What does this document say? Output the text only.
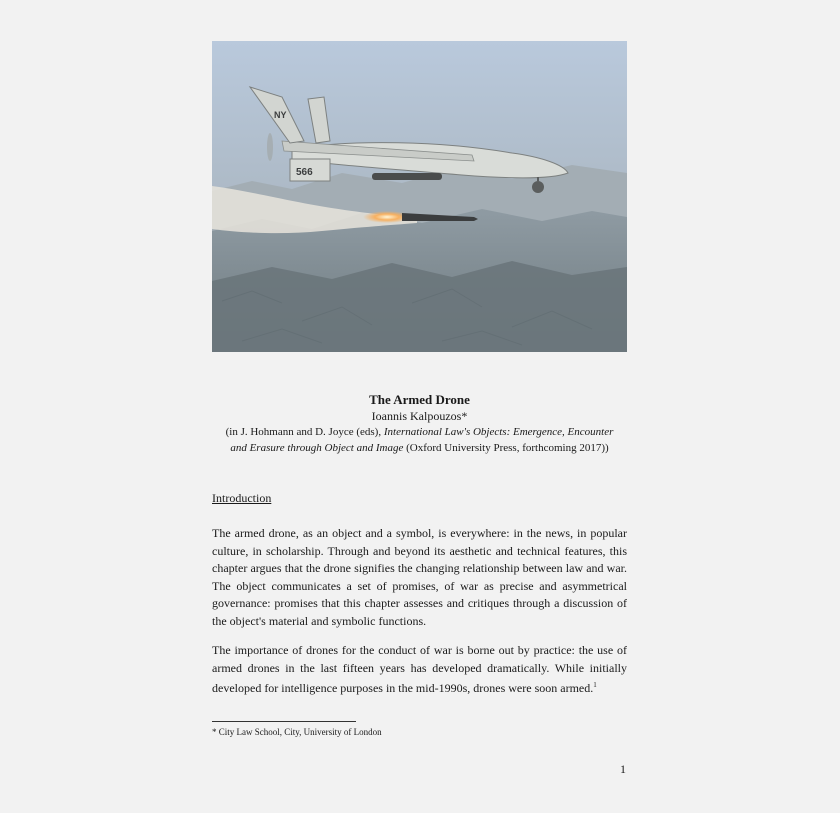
NY
566
The Armed Drone
Ioannis Kalpouzos*
(in J. Hohmann and D. Joyce (eds), International Law's Objects: Emergence, Encounter and Erasure through Object and Image (Oxford University Press, forthcoming 2017))
Introduction

The armed drone, as an object and a symbol, is everywhere: in the news, in popular culture, in scholarship. Through and beyond its aesthetic and technical features, this chapter argues that the drone signifies the changing relationship between law and war. The object communicates a set of promises, of war as precise and asymmetrical governance: promises that this chapter assesses and critiques through a discussion of the object's material and symbolic functions.

The importance of drones for the conduct of war is borne out by practice: the use of armed drones in the last fifteen years has developed dramatically. While initially developed for intelligence purposes in the mid-1990s, drones were soon armed.$^1$

* City Law School, City, University of London
1
